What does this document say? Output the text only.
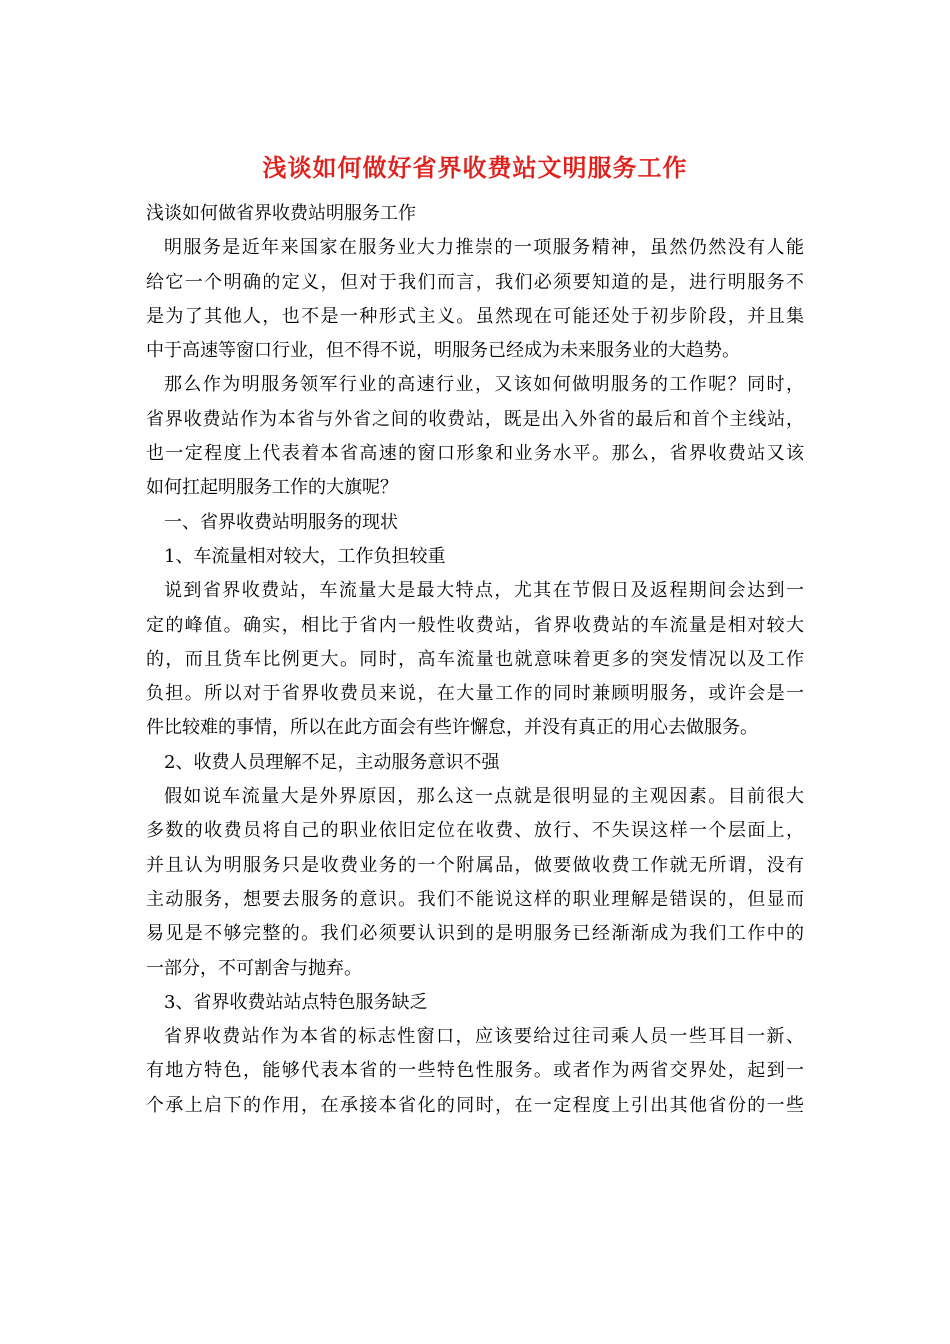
浅谈如何做好省界收费站文明服务工作
浅谈如何做省界收费站明服务工作
明服务是近年来国家在服务业大力推崇的一项服务精神，虽然仍然没有人能
给它一个明确的定义，但对于我们而言，我们必须要知道的是，进行明服务不
是为了其他人，也不是一种形式主义。虽然现在可能还处于初步阶段，并且集
中于高速等窗口行业，但不得不说，明服务已经成为未来服务业的大趋势。
那么作为明服务领军行业的高速行业，又该如何做明服务的工作呢？同时，
省界收费站作为本省与外省之间的收费站，既是出入外省的最后和首个主线站，
也一定程度上代表着本省高速的窗口形象和业务水平。那么，省界收费站又该
如何扛起明服务工作的大旗呢？
一、省界收费站明服务的现状
1、车流量相对较大，工作负担较重
说到省界收费站，车流量大是最大特点，尤其在节假日及返程期间会达到一
定的峰值。确实，相比于省内一般性收费站，省界收费站的车流量是相对较大
的，而且货车比例更大。同时，高车流量也就意味着更多的突发情况以及工作
负担。所以对于省界收费员来说，在大量工作的同时兼顾明服务，或许会是一
件比较难的事情，所以在此方面会有些许懈怠，并没有真正的用心去做服务。
2、收费人员理解不足，主动服务意识不强
假如说车流量大是外界原因，那么这一点就是很明显的主观因素。目前很大
多数的收费员将自己的职业依旧定位在收费、放行、不失误这样一个层面上，
并且认为明服务只是收费业务的一个附属品，做要做收费工作就无所谓，没有
主动服务，想要去服务的意识。我们不能说这样的职业理解是错误的，但显而
易见是不够完整的。我们必须要认识到的是明服务已经渐渐成为我们工作中的
一部分，不可割舍与抛弃。
3、省界收费站站点特色服务缺乏
省界收费站作为本省的标志性窗口，应该要给过往司乘人员一些耳目一新、
有地方特色，能够代表本省的一些特色性服务。或者作为两省交界处，起到一
个承上启下的作用，在承接本省化的同时，在一定程度上引出其他省份的一些
